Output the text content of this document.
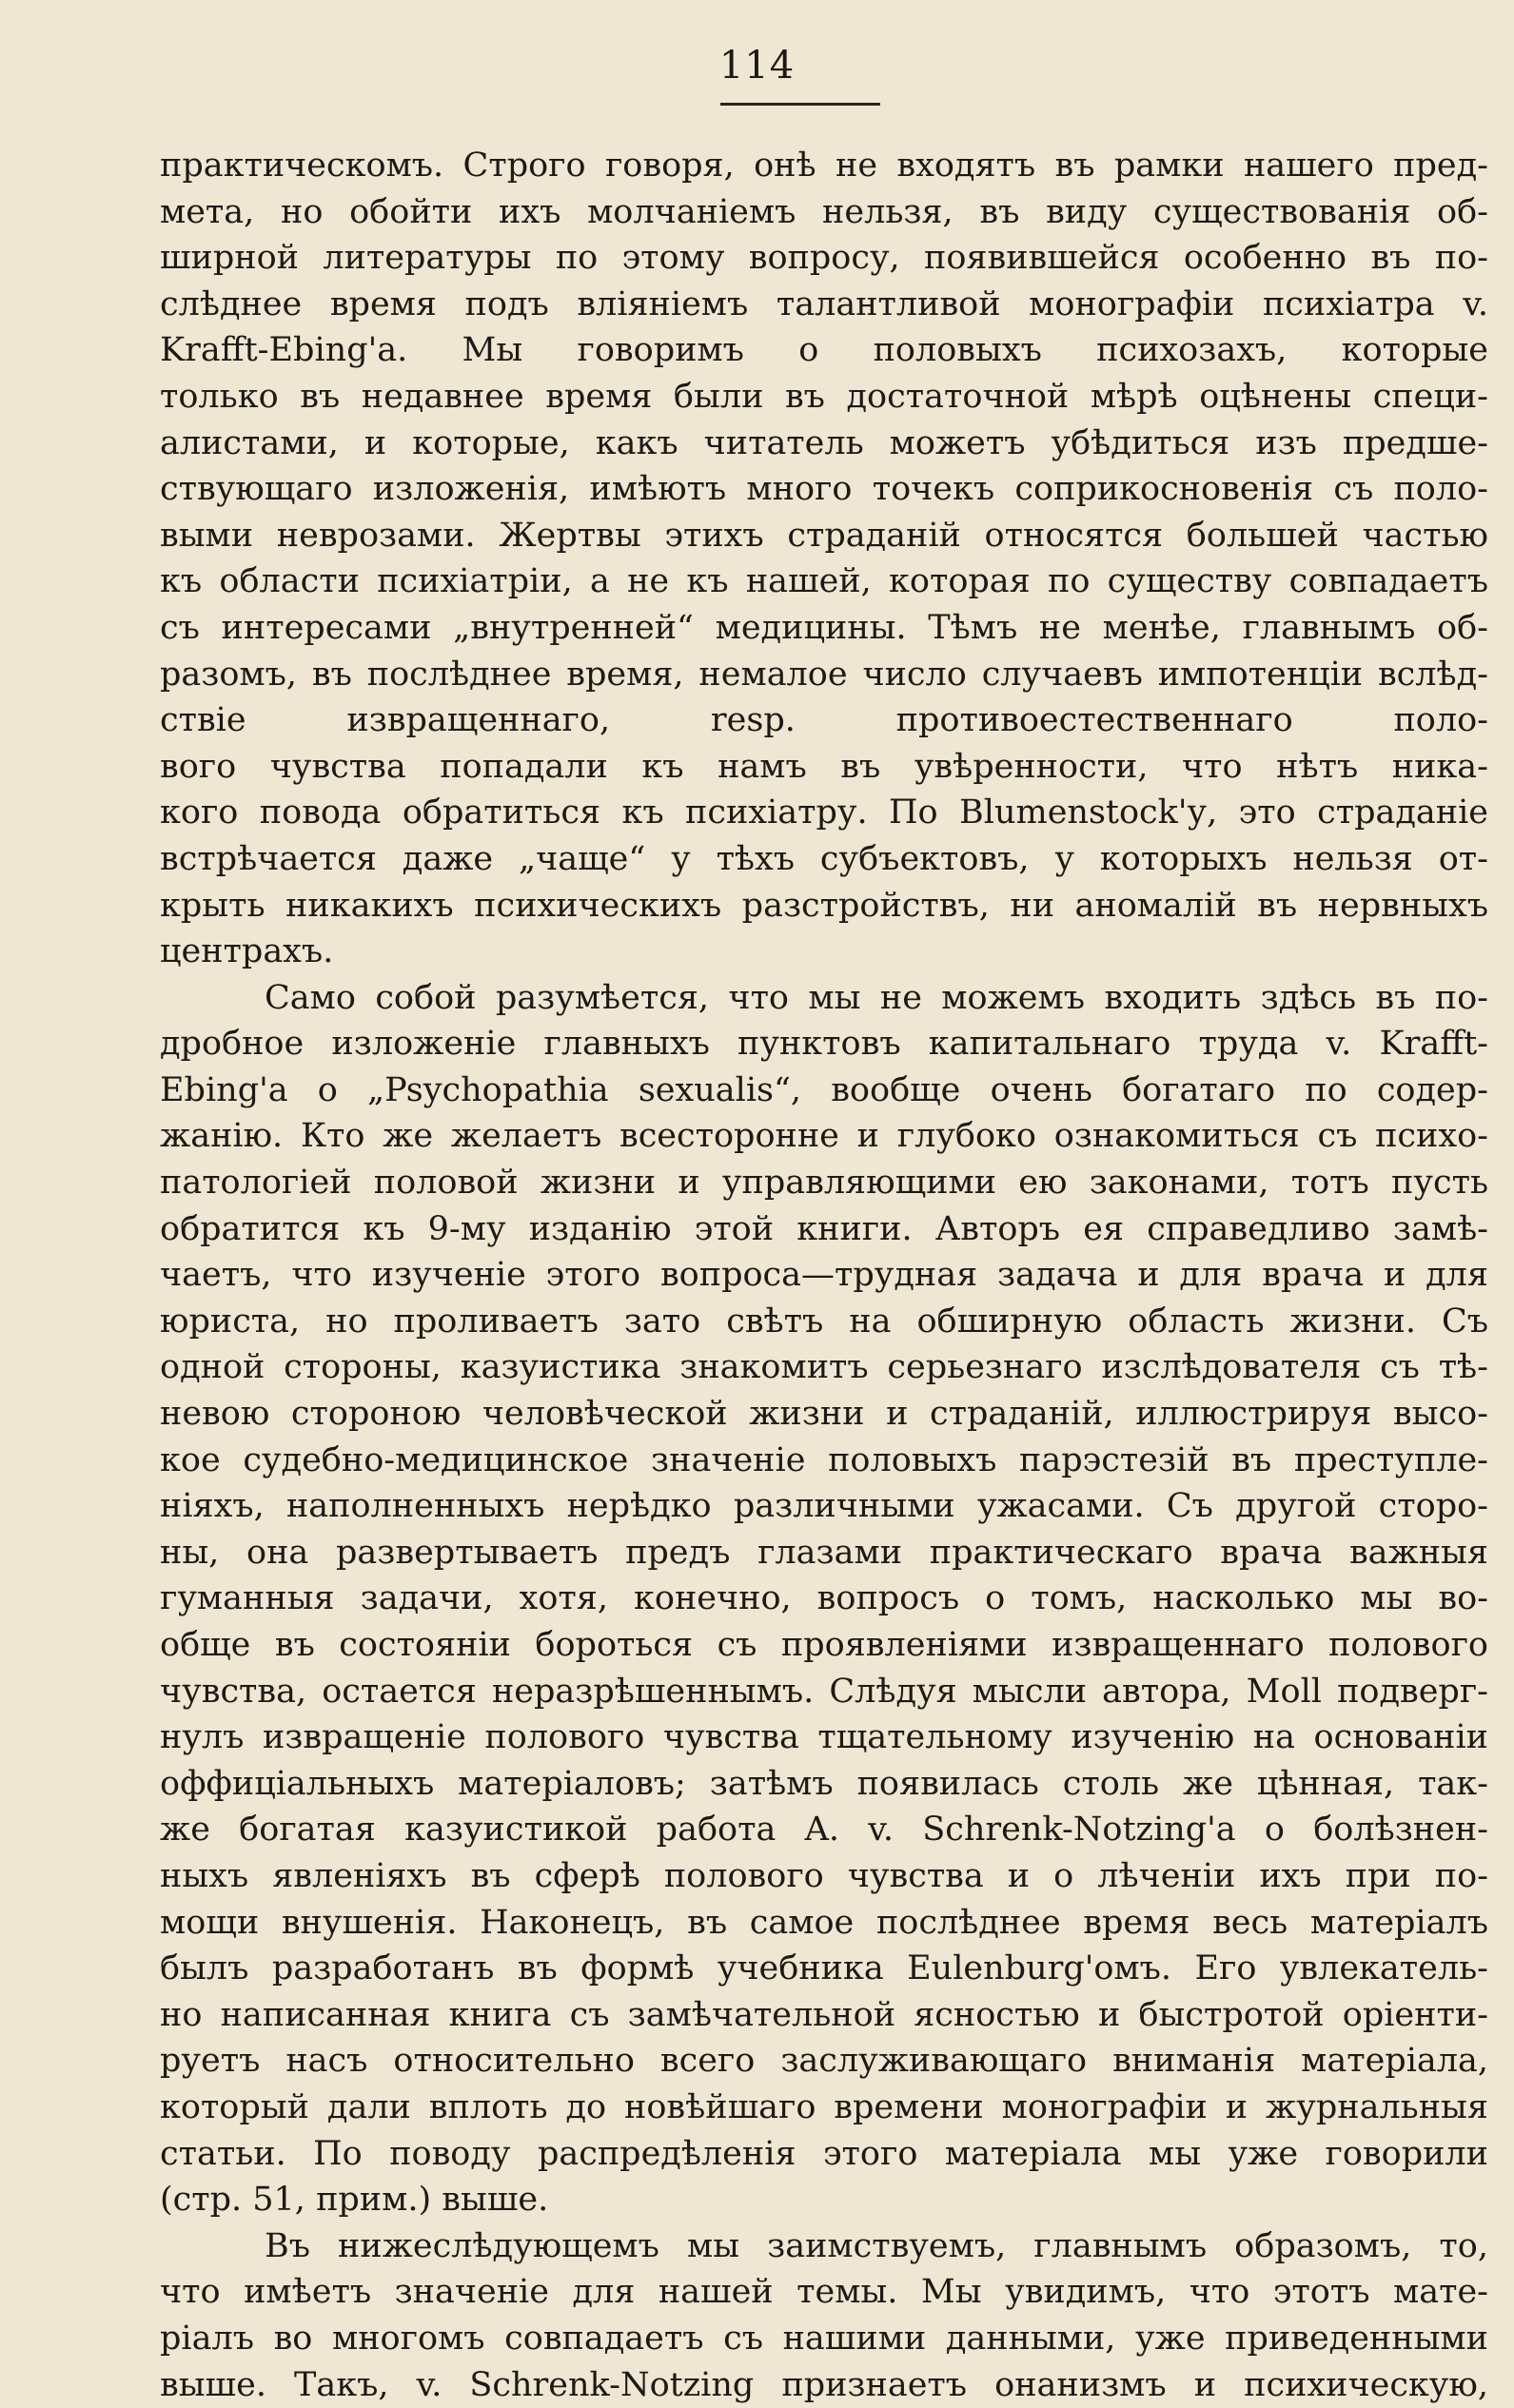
114
практическомъ. Строго говоря, онѣ не входятъ въ рамки нашего пред-
мета, но обойти ихъ молчаніемъ нельзя, въ виду существованія об-
ширной литературы по этому вопросу, появившейся особенно въ по-
слѣднее время подъ вліяніемъ талантливой монографіи психіатра v.
Krafft-Ebing'а. Мы говоримъ о половыхъ психозахъ, которые
только въ недавнее время были въ достаточной мѣрѣ оцѣнены специ-
алистами, и которые, какъ читатель можетъ убѣдиться изъ предше-
ствующаго изложенія, имѣютъ много точекъ соприкосновенія съ поло-
выми неврозами. Жертвы этихъ страданій относятся большей частью
къ области психіатріи, а не къ нашей, которая по существу совпадаетъ
съ интересами „внутренней“ медицины. Тѣмъ не менѣе, главнымъ об-
разомъ, въ послѣднее время, немалое число случаевъ импотенціи вслѣд-
ствіе извращеннаго, resp. противоестественнаго поло-
вого чувства попадали къ намъ въ увѣренности, что нѣтъ ника-
кого повода обратиться къ психіатру. По Blumenstock'у, это страданіе
встрѣчается даже „чаще“ у тѣхъ субъектовъ, у которыхъ нельзя от-
крыть никакихъ психическихъ разстройствъ, ни аномалій въ нервныхъ
центрахъ.
Само собой разумѣется, что мы не можемъ входить здѣсь въ по-
дробное изложеніе главныхъ пунктовъ капитальнаго труда v. Krafft-
Ebing'а о „Psychopathia sexualis“, вообще очень богатаго по содер-
жанію. Кто же желаетъ всесторонне и глубоко ознакомиться съ психо-
патологіей половой жизни и управляющими ею законами, тотъ пусть
обратится къ 9-му изданію этой книги. Авторъ ея справедливо замѣ-
чаетъ, что изученіе этого вопроса—трудная задача и для врача и для
юриста, но проливаетъ зато свѣтъ на обширную область жизни. Съ
одной стороны, казуистика знакомитъ серьезнаго изслѣдователя съ тѣ-
невою стороною человѣческой жизни и страданій, иллюстрируя высо-
кое судебно-медицинское значеніе половыхъ парэстезій въ преступле-
ніяхъ, наполненныхъ нерѣдко различными ужасами. Съ другой сторо-
ны, она развертываетъ предъ глазами практическаго врача важныя
гуманныя задачи, хотя, конечно, вопросъ о томъ, насколько мы во-
обще въ состояніи бороться съ проявленіями извращеннаго полового
чувства, остается неразрѣшеннымъ. Слѣдуя мысли автора, Moll подверг-
нулъ извращеніе полового чувства тщательному изученію на основаніи
оффиціальныхъ матеріаловъ; затѣмъ появилась столь же цѣнная, так-
же богатая казуистикой работа A. v. Schrenk-Notzing'а о болѣзнен-
ныхъ явленіяхъ въ сферѣ полового чувства и о лѣченіи ихъ при по-
мощи внушенія. Наконецъ, въ самое послѣднее время весь матеріалъ
былъ разработанъ въ формѣ учебника Eulenburg'омъ. Его увлекатель-
но написанная книга съ замѣчательной ясностью и быстротой оріенти-
руетъ насъ относительно всего заслуживающаго вниманія матеріала,
который дали вплоть до новѣйшаго времени монографіи и журнальныя
статьи. По поводу распредѣленія этого матеріала мы уже говорили
(стр. 51, прим.) выше.
Въ нижеслѣдующемъ мы заимствуемъ, главнымъ образомъ, то,
что имѣетъ значеніе для нашей темы. Мы увидимъ, что этотъ мате-
ріалъ во многомъ совпадаетъ съ нашими данными, уже приведенными
выше. Такъ, v. Schrenk-Notzing признаетъ онанизмъ и психическую,
